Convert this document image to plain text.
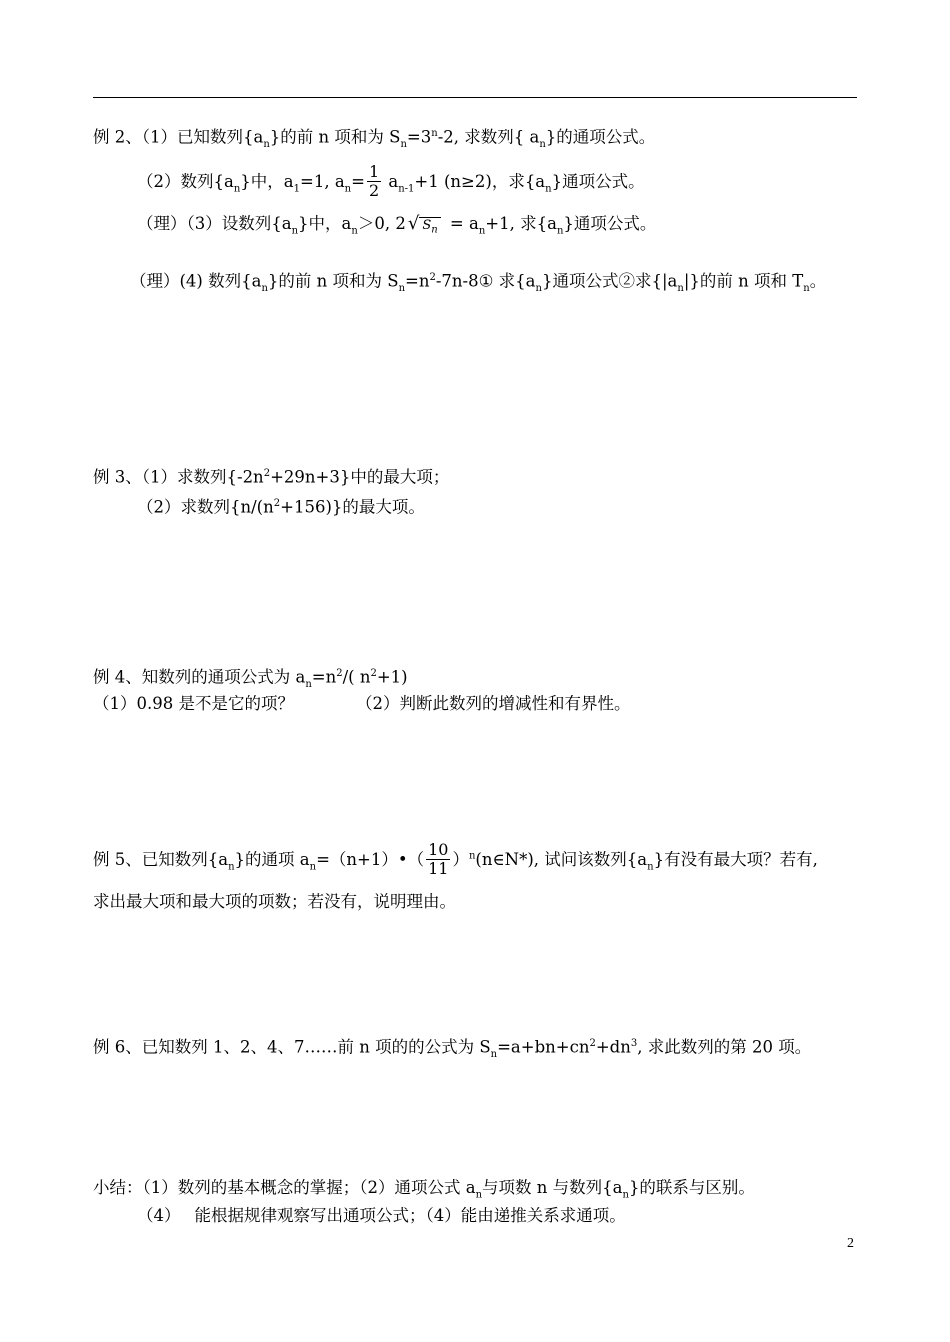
例 2、（1）已知数列$\{a_n\}$的前 n 项和为 $S_n=3^n-2$, 求数列{ $a_n$}的通项公式。
（2）数列$\{a_n\}$中，$a_1=1$, $a_n= \frac{1}{2} a_{n-1}+1$ (n≥2)，求$\{a_n\}$通项公式。
（理）（3）设数列$\{a_n\}$中，$a_n>0$, 2 √ $S_n = a_n+1$, 求$\{a_n\}$通项公式。
（理）(4) 数列$\{a_n\}$的前 n 项和为 $S_n=n^2-7n-8①$ 求$\{a_n\}$通项公式②求$\{|a_n|\}$的前 n 项和 $T_n$。
例 3、（1）求数列$\{-2n^2+29n+3\}$中的最大项；
（2）求数列$\{n/(n^2+156)\}$的最大项。
例 4、知数列的通项公式为 $a_n=n^2/$( $n^2+1$)
（1）0.98 是不是它的项？	（2）判断此数列的增减性和有界性。
例 5、已知数列$\{a_n\}$的通项 $a_n=(n+1)•( \frac{10}{11}$ ）$^n$(n∈N*), 试问该数列$\{a_n\}$有没有最大项？若有,
求出最大项和最大项的项数；若没有，说明理由。
例 6、已知数列 1、2、4、7……前 n 项的的公式为 $S_n=a+bn+cn^2+dn^3$, 求此数列的第 20 项。
小结：（1）数列的基本概念的掌握；（2）通项公式 $a_n$与项数 n 与数列$\{a_n\}$的联系与区别。
（4） 能根据规律观察写出通项公式；（4）能由递推关系求通项。
2
